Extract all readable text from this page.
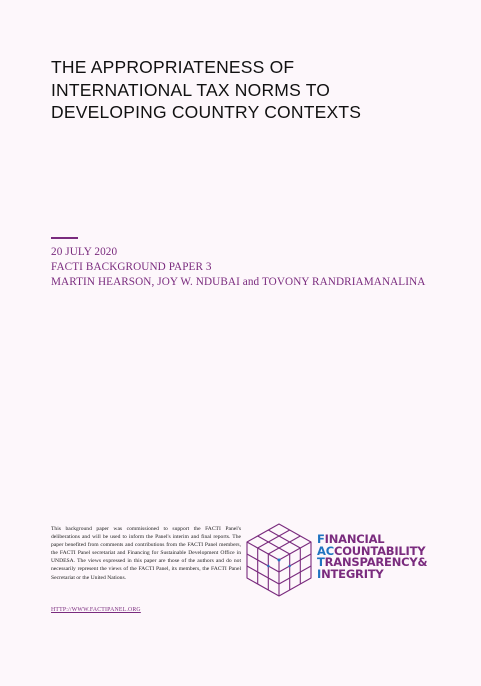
THE APPROPRIATENESS OF
INTERNATIONAL TAX NORMS TO
DEVELOPING COUNTRY CONTEXTS
20 JULY 2020
FACTI BACKGROUND PAPER 3
MARTIN HEARSON, JOY W. NDUBAI and TOVONY RANDRIAMANALINA
This background paper was commissioned to support the FACTI Panel's deliberations and will be used to inform the Panel's interim and final reports. The paper benefited from comments and contributions from the FACTI Panel members, the FACTI Panel secretariat and Financing for Sustainable Development Office in UNDESA. The views expressed in this paper are those of the authors and do not necessarily represent the views of the FACTI Panel, its members, the FACTI Panel Secretariat or the United Nations.
HTTP://WWW.FACTIPANEL.ORG
FINANCIAL
ACCOUNTABILITY
TRANSPARENCY&
INTEGRITY
